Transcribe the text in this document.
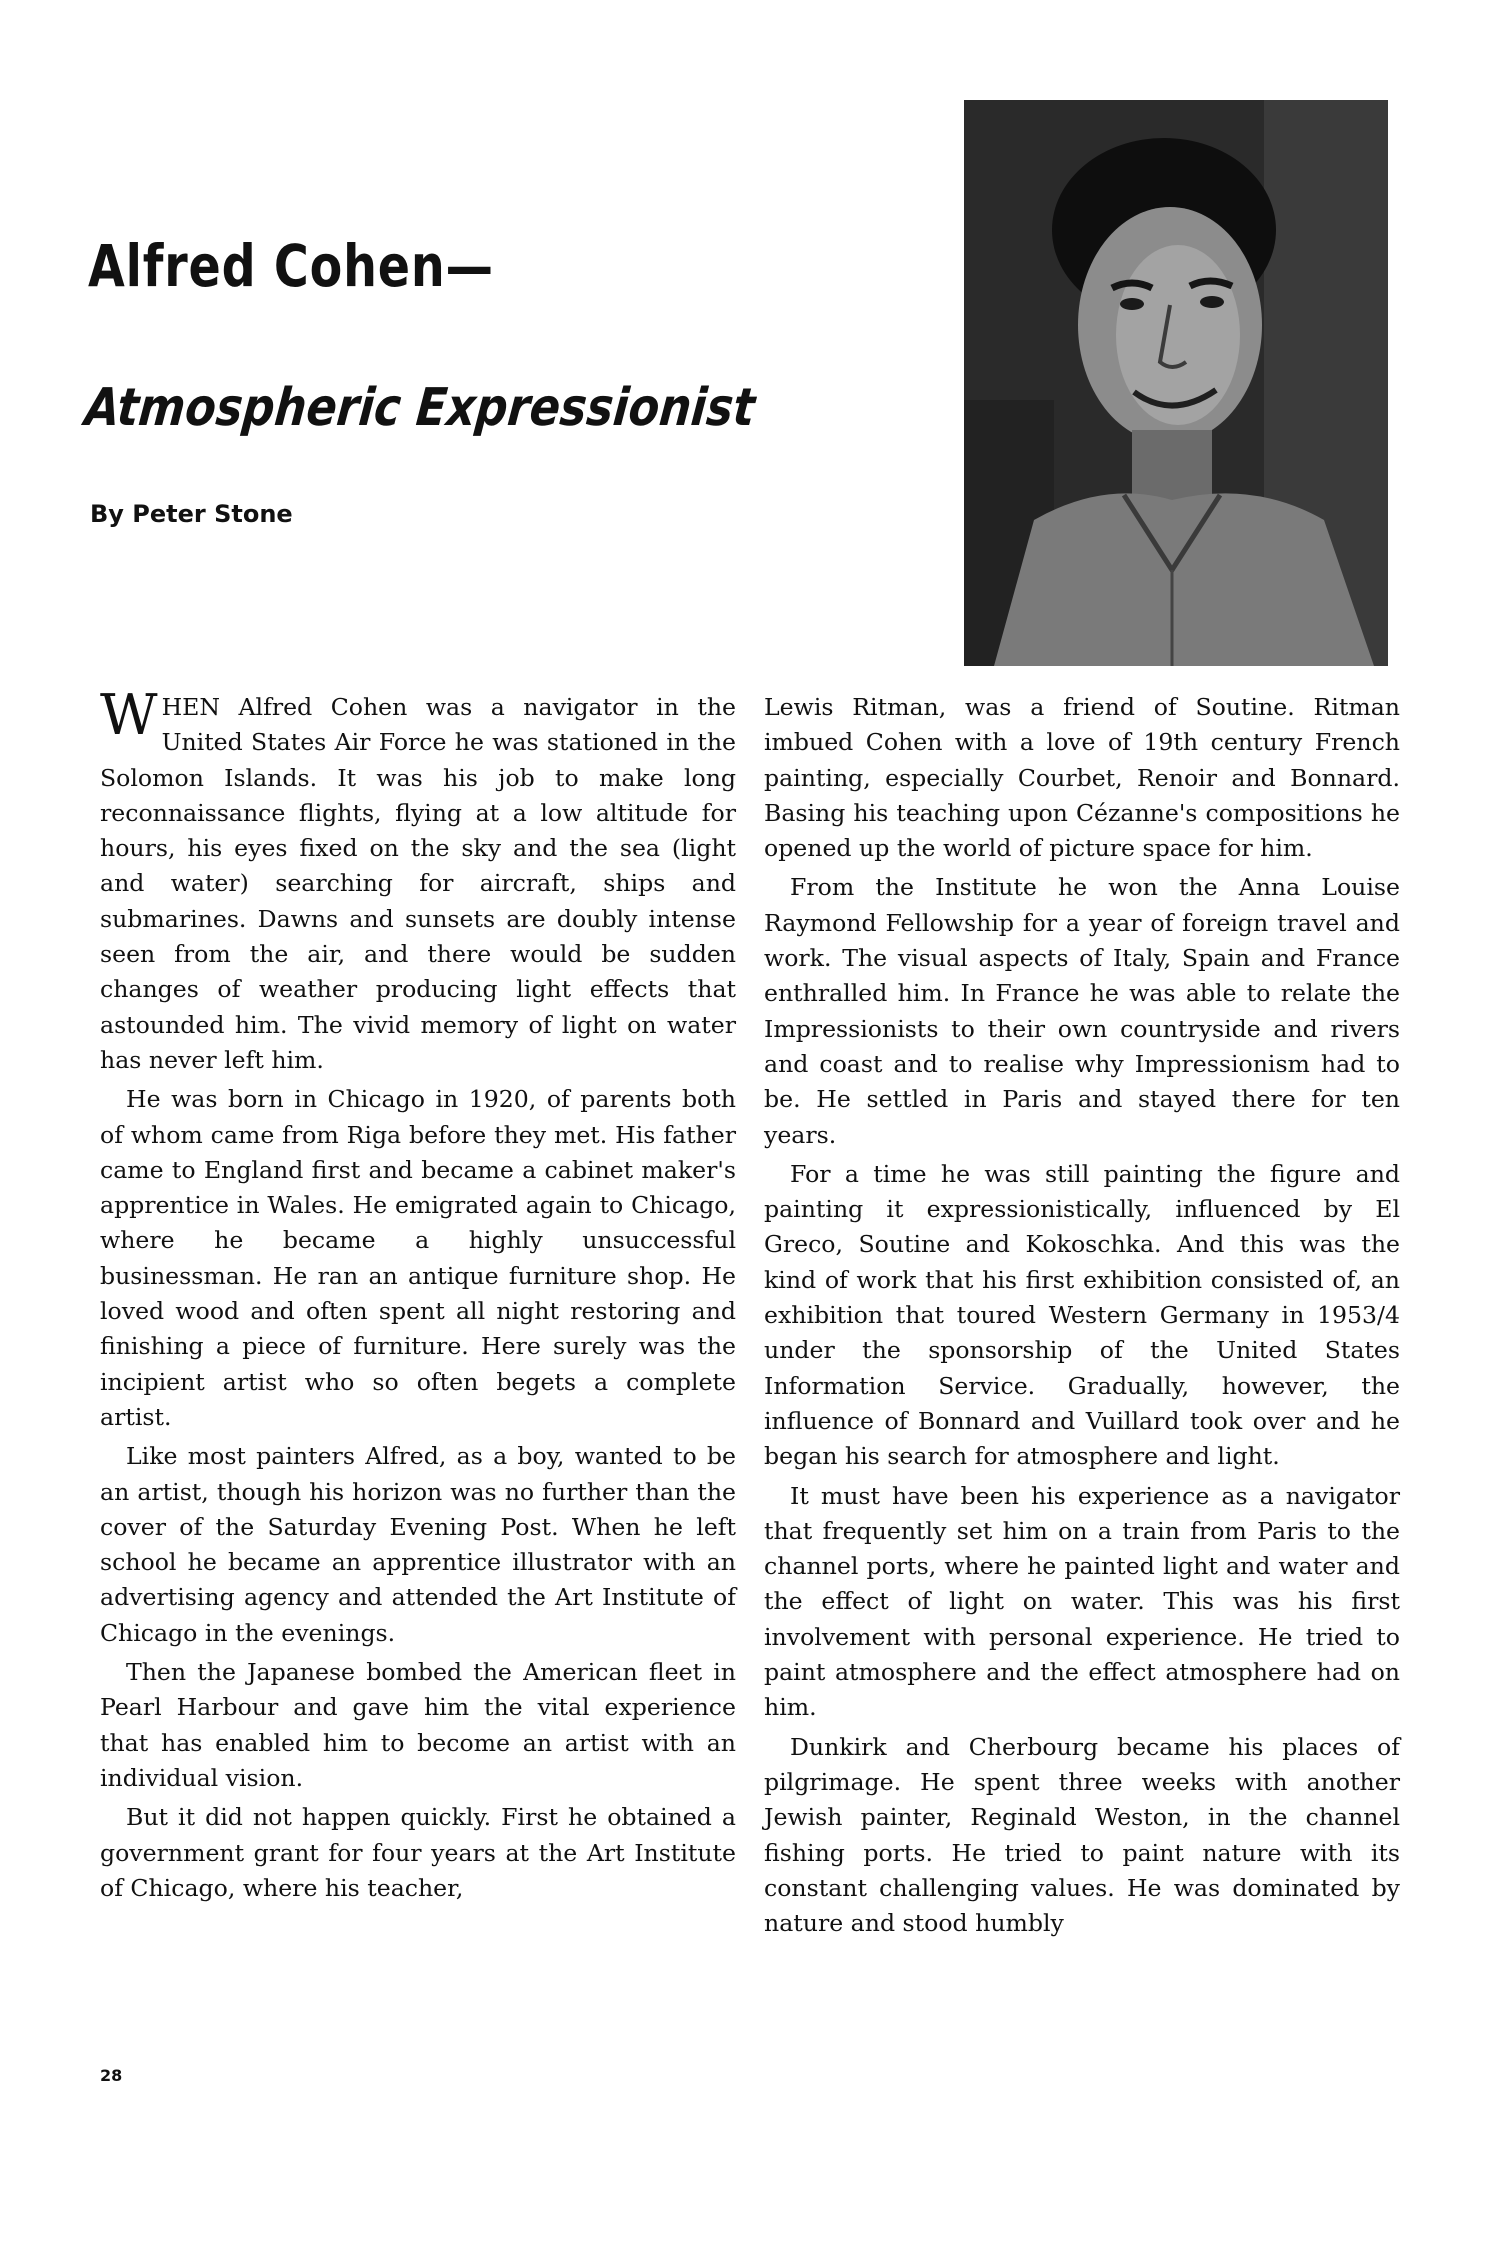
Alfred Cohen—
Atmospheric Expressionist
By Peter Stone

WHEN Alfred Cohen was a navigator in the United States Air Force he was stationed in the Solomon Islands. It was his job to make long reconnaissance flights, flying at a low altitude for hours, his eyes fixed on the sky and the sea (light and water) searching for aircraft, ships and submarines. Dawns and sunsets are doubly intense seen from the air, and there would be sudden changes of weather producing light effects that astounded him. The vivid memory of light on water has never left him.

He was born in Chicago in 1920, of parents both of whom came from Riga before they met. His father came to England first and became a cabinet maker's apprentice in Wales. He emigrated again to Chicago, where he became a highly unsuccessful businessman. He ran an antique furniture shop. He loved wood and often spent all night restoring and finishing a piece of furniture. Here surely was the incipient artist who so often begets a complete artist.

Like most painters Alfred, as a boy, wanted to be an artist, though his horizon was no further than the cover of the Saturday Evening Post. When he left school he became an apprentice illustrator with an advertising agency and attended the Art Institute of Chicago in the evenings.

Then the Japanese bombed the American fleet in Pearl Harbour and gave him the vital experience that has enabled him to become an artist with an individual vision.

But it did not happen quickly. First he obtained a government grant for four years at the Art Institute of Chicago, where his teacher,

Lewis Ritman, was a friend of Soutine. Ritman imbued Cohen with a love of 19th century French painting, especially Courbet, Renoir and Bonnard. Basing his teaching upon Cézanne's compositions he opened up the world of picture space for him.

From the Institute he won the Anna Louise Raymond Fellowship for a year of foreign travel and work. The visual aspects of Italy, Spain and France enthralled him. In France he was able to relate the Impressionists to their own countryside and rivers and coast and to realise why Impressionism had to be. He settled in Paris and stayed there for ten years.

For a time he was still painting the figure and painting it expressionistically, influenced by El Greco, Soutine and Kokoschka. And this was the kind of work that his first exhibition consisted of, an exhibition that toured Western Germany in 1953/4 under the sponsorship of the United States Information Service. Gradually, however, the influence of Bonnard and Vuillard took over and he began his search for atmosphere and light.

It must have been his experience as a navigator that frequently set him on a train from Paris to the channel ports, where he painted light and water and the effect of light on water. This was his first involvement with personal experience. He tried to paint atmosphere and the effect atmosphere had on him.

Dunkirk and Cherbourg became his places of pilgrimage. He spent three weeks with another Jewish painter, Reginald Weston, in the channel fishing ports. He tried to paint nature with its constant challenging values. He was dominated by nature and stood humbly

28
